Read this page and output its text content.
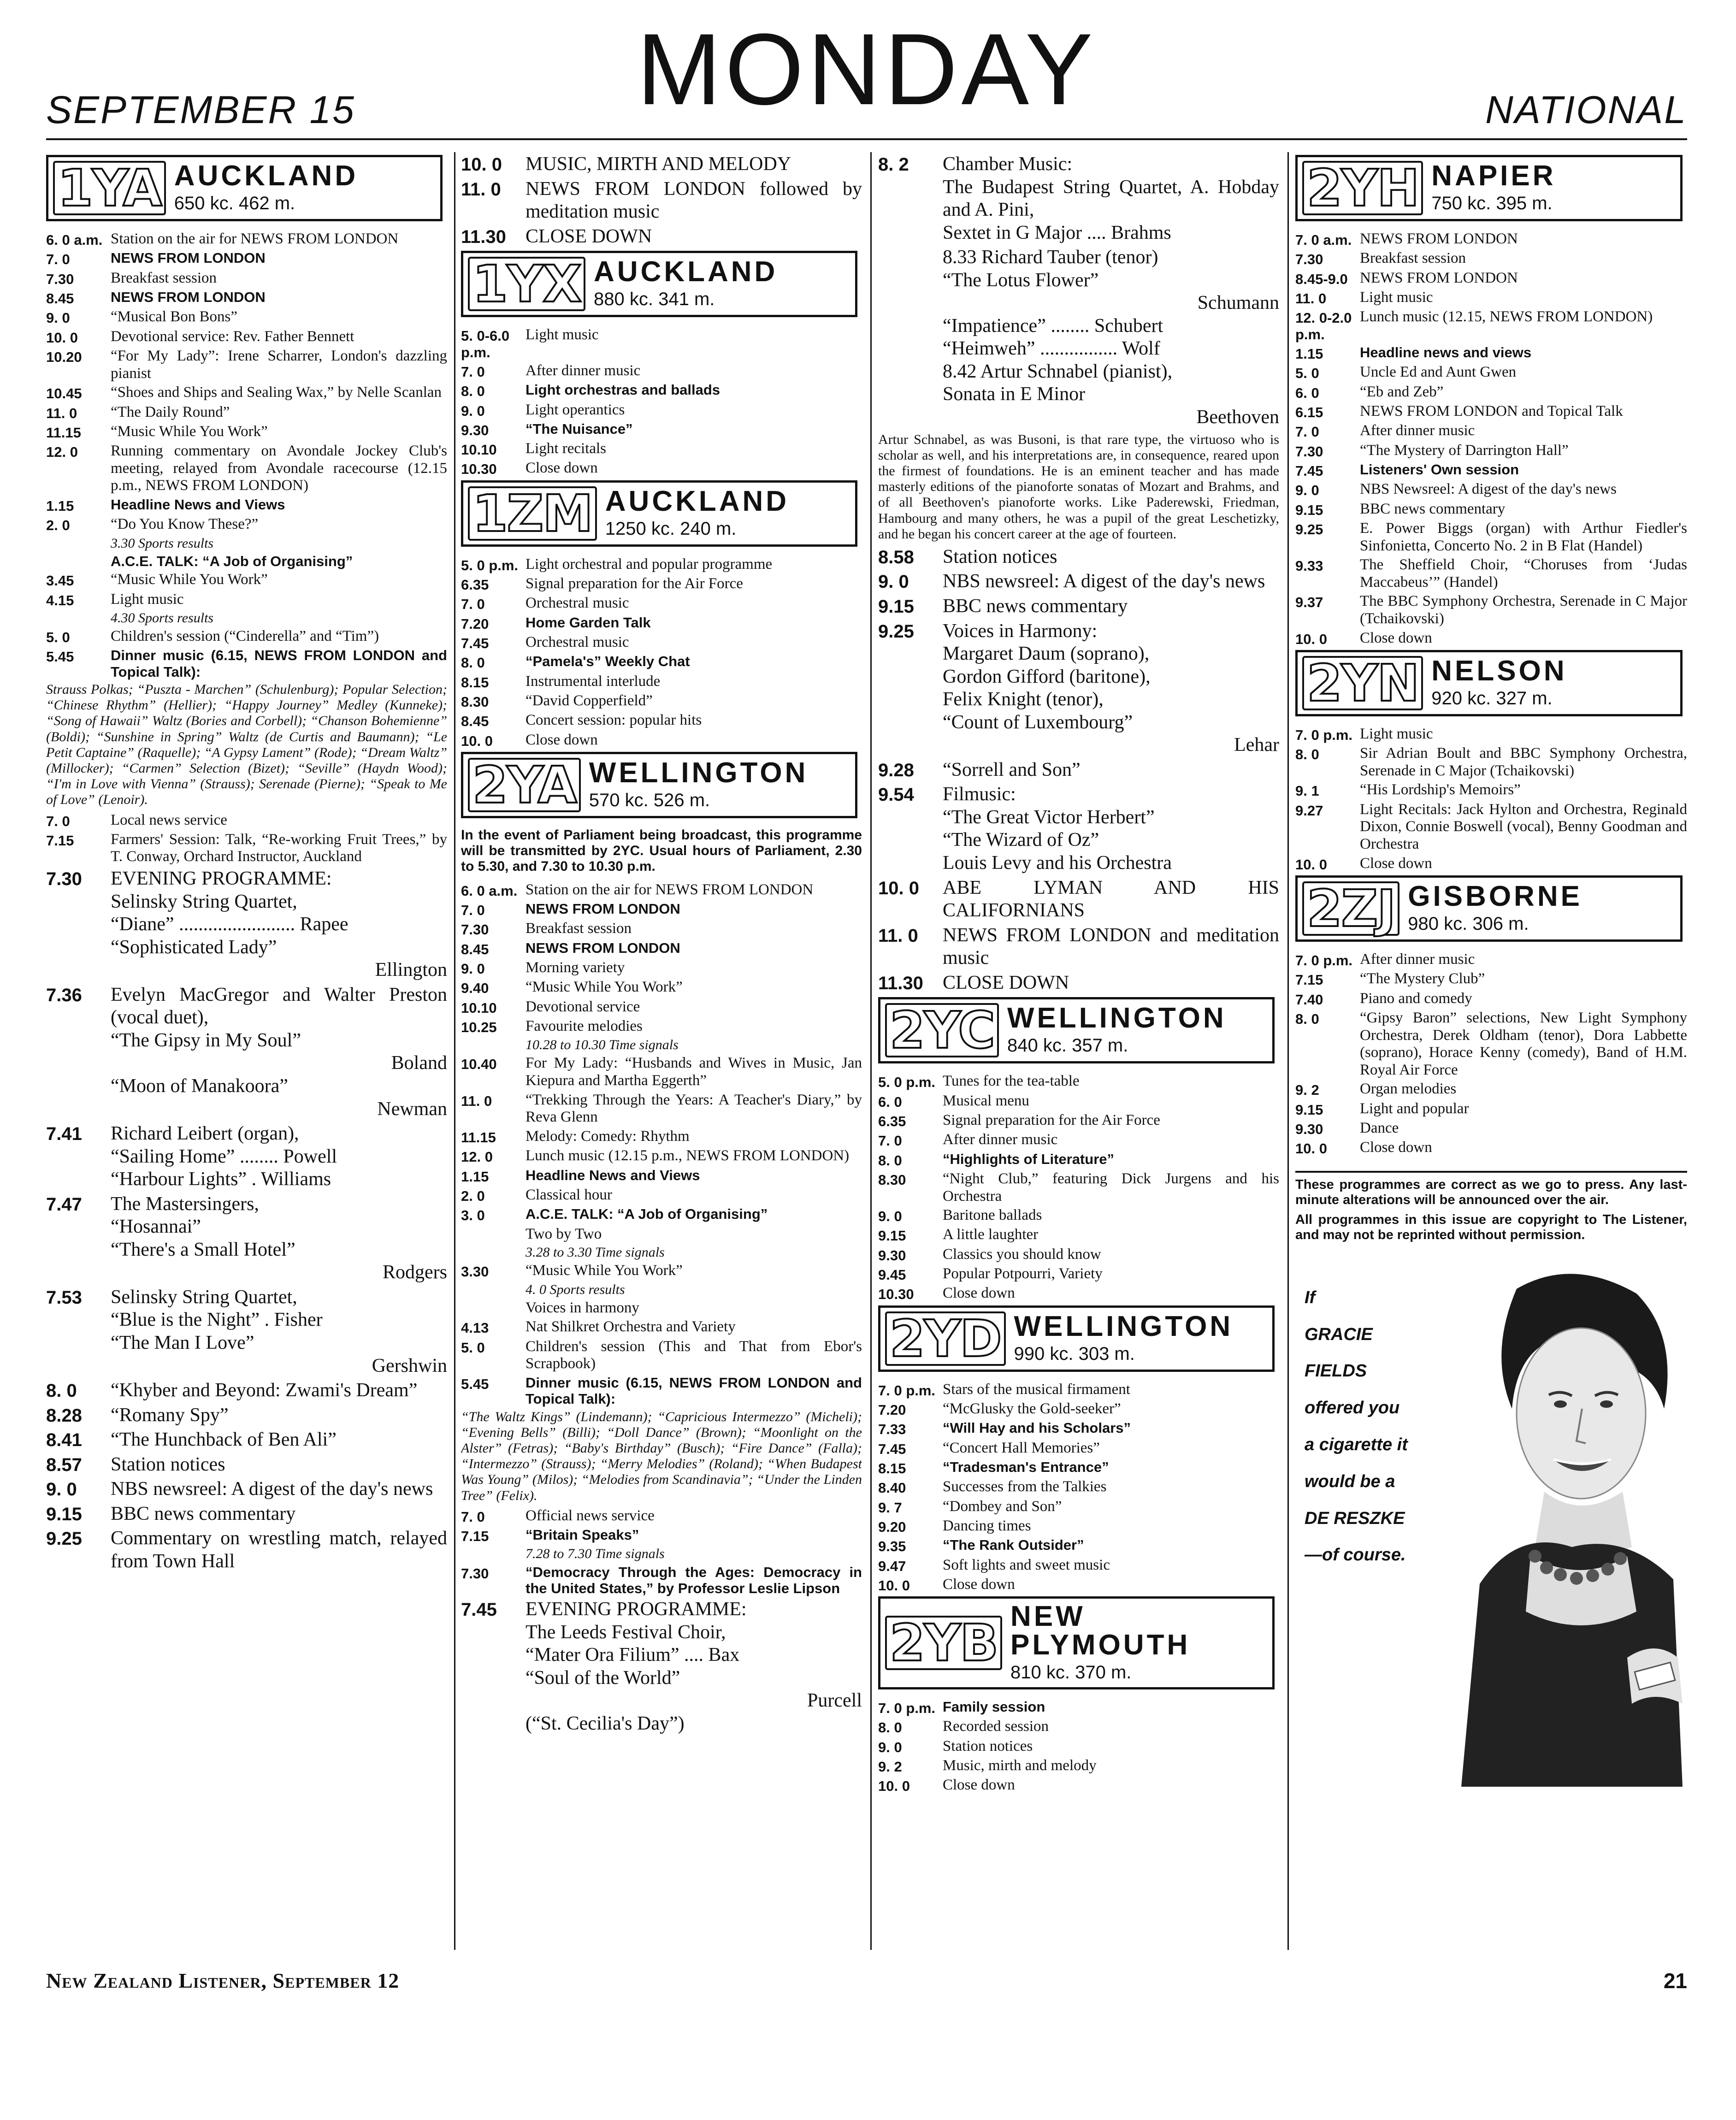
SEPTEMBER 15	MONDAY	NATIONAL
1YA AUCKLAND
650 kc. 462 m.
6. 0 a.m. Station on the air for NEWS FROM LONDON
7. 0	NEWS FROM LONDON
7.30	Breakfast session
8.45	NEWS FROM LONDON
9. 0	“Musical Bon Bons”
10. 0	Devotional service: Rev. Father Bennett
10.20	“For My Lady”: Irene Scharrer, London's dazzling pianist
10.45	“Shoes and Ships and Sealing Wax,” by Nelle Scanlan
11. 0	“The Daily Round”
11.15	“Music While You Work”
12. 0	Running commentary on Avondale Jockey Club's meeting, relayed from Avondale racecourse (12.15 p.m., NEWS FROM LONDON)
1.15	Headline News and Views
2. 0	“Do You Know These?”
3.30 Sports results
A.C.E. TALK: “A Job of Organising”
3.45	“Music While You Work”
4.15	Light music
4.30 Sports results
5. 0	Children's session (“Cinderella” and “Tim”)
5.45	Dinner music (6.15, NEWS FROM LONDON and Topical Talk):
Strauss Polkas; “Puszta - Marchen” (Schulenburg); Popular Selection; “Chinese Rhythm” (Hellier); “Happy Journey” Medley (Kunneke); “Song of Hawaii” Waltz (Bories and Corbell); “Chanson Bohemienne” (Boldi); “Sunshine in Spring” Waltz (de Curtis and Baumann); “Le Petit Captaine” (Raquelle); “A Gypsy Lament” (Rode); “Dream Waltz” (Millocker); “Carmen” Selection (Bizet); “Seville” (Haydn Wood); “I'm in Love with Vienna” (Strauss); Serenade (Pierne); “Speak to Me of Love” (Lenoir).
7. 0	Local news service
7.15	Farmers' Session: Talk, “Re-working Fruit Trees,” by T. Conway, Orchard Instructor, Auckland
7.30	EVENING PROGRAMME:
Selinsky String Quartet,
“Diane” ........................ Rapee
“Sophisticated Lady”
Ellington
7.36	Evelyn MacGregor and Walter Preston (vocal duet),
“The Gipsy in My Soul”
Boland
“Moon of Manakoora”
Newman
7.41	Richard Leibert (organ),
“Sailing Home” ........ Powell
“Harbour Lights” . Williams
7.47	The Mastersingers,
“Hosannai”
“There's a Small Hotel”
Rodgers
7.53	Selinsky String Quartet,
“Blue is the Night” . Fisher
“The Man I Love”
Gershwin
8. 0	“Khyber and Beyond: Zwami's Dream”
8.28	“Romany Spy”
8.41	“The Hunchback of Ben Ali”
8.57	Station notices
9. 0	NBS newsreel: A digest of the day's news
9.15	BBC news commentary
9.25	Commentary on wrestling match, relayed from Town Hall
10. 0	MUSIC, MIRTH AND MELODY
11. 0	NEWS FROM LONDON followed by meditation music
11.30	CLOSE DOWN
1YX AUCKLAND
880 kc. 341 m.
5. 0-6.0 p.m.
Light music
7. 0	After dinner music
8. 0	Light orchestras and ballads
9. 0	Light operantics
9.30	“The Nuisance”
10.10	Light recitals
10.30	Close down
1ZM AUCKLAND
1250 kc. 240 m.
5. 0 p.m. Light orchestral and popular programme
6.35	Signal preparation for the Air Force
7. 0	Orchestral music
7.20	Home Garden Talk
7.45	Orchestral music
8. 0	“Pamela's” Weekly Chat
8.15	Instrumental interlude
8.30	“David Copperfield”
8.45	Concert session: popular hits
10. 0	Close down
2YA WELLINGTON
570 kc. 526 m.
In the event of Parliament being broadcast, this programme will be transmitted by 2YC. Usual hours of Parliament, 2.30 to 5.30, and 7.30 to 10.30 p.m.
6. 0 a.m. Station on the air for NEWS FROM LONDON
7. 0	NEWS FROM LONDON
7.30	Breakfast session
8.45	NEWS FROM LONDON
9. 0	Morning variety
9.40	“Music While You Work”
10.10	Devotional service
10.25	Favourite melodies
10.28 to 10.30 Time signals
10.40	For My Lady: “Husbands and Wives in Music, Jan Kiepura and Martha Eggerth”
11. 0	“Trekking Through the Years: A Teacher's Diary,” by Reva Glenn
11.15	Melody: Comedy: Rhythm
12. 0	Lunch music (12.15 p.m., NEWS FROM LONDON)
1.15	Headline News and Views
2. 0	Classical hour
3. 0	A.C.E. TALK: “A Job of Organising”
Two by Two
3.28 to 3.30 Time signals
3.30	“Music While You Work”
4. 0 Sports results
Voices in harmony
4.13	Nat Shilkret Orchestra and Variety
5. 0	Children's session (This and That from Ebor's Scrapbook)
5.45	Dinner music (6.15, NEWS FROM LONDON and Topical Talk):
“The Waltz Kings” (Lindemann); “Capricious Intermezzo” (Micheli); “Evening Bells” (Billi); “Doll Dance” (Brown); “Moonlight on the Alster” (Fetras); “Baby's Birthday” (Busch); “Fire Dance” (Falla); “Intermezzo” (Strauss); “Merry Melodies” (Roland); “When Budapest Was Young” (Milos); “Melodies from Scandinavia”; “Under the Linden Tree” (Felix).
7. 0	Official news service
7.15	“Britain Speaks”
7.28 to 7.30 Time signals
7.30	“Democracy Through the Ages: Democracy in the United States,” by Professor Leslie Lipson
7.45	EVENING PROGRAMME:
The Leeds Festival Choir,
“Mater Ora Filium” .... Bax
“Soul of the World”
Purcell
(“St. Cecilia's Day”)
8. 2	Chamber Music:
The Budapest String Quartet, A. Hobday and A. Pini,
Sextet in G Major .... Brahms
8.33 Richard Tauber (tenor)
“The Lotus Flower”
Schumann
“Impatience” ........ Schubert
“Heimweh” ................ Wolf
8.42 Artur Schnabel (pianist),
Sonata in E Minor
Beethoven
Artur Schnabel, as was Busoni, is that rare type, the virtuoso who is scholar as well, and his interpretations are, in consequence, reared upon the firmest of foundations. He is an eminent teacher and has made masterly editions of the pianoforte sonatas of Mozart and Brahms, and of all Beethoven's pianoforte works. Like Paderewski, Friedman, Hambourg and many others, he was a pupil of the great Leschetizky, and he began his concert career at the age of fourteen.
8.58	Station notices
9. 0	NBS newsreel: A digest of the day's news
9.15	BBC news commentary
9.25	Voices in Harmony:
Margaret Daum (soprano),
Gordon Gifford (baritone),
Felix Knight (tenor),
“Count of Luxembourg”
Lehar
9.28	“Sorrell and Son”
9.54	Filmusic:
“The Great Victor Herbert”
“The Wizard of Oz”
Louis Levy and his Orchestra
10. 0	ABE LYMAN AND HIS CALIFORNIANS
11. 0	NEWS FROM LONDON and meditation music
11.30	CLOSE DOWN
2YC WELLINGTON
840 kc. 357 m.
5. 0 p.m. Tunes for the tea-table
6. 0	Musical menu
6.35	Signal preparation for the Air Force
7. 0	After dinner music
8. 0	“Highlights of Literature”
8.30	“Night Club,” featuring Dick Jurgens and his Orchestra
9. 0	Baritone ballads
9.15	A little laughter
9.30	Classics you should know
9.45	Popular Potpourri, Variety
10.30	Close down
2YD WELLINGTON
990 kc. 303 m.
7. 0 p.m. Stars of the musical firmament
7.20	“McGlusky the Gold-seeker”
7.33	“Will Hay and his Scholars”
7.45	“Concert Hall Memories”
8.15	“Tradesman's Entrance”
8.40	Successes from the Talkies
9. 7	“Dombey and Son”
9.20	Dancing times
9.35	“The Rank Outsider”
9.47	Soft lights and sweet music
10. 0	Close down
2YB NEW PLYMOUTH
810 kc. 370 m.
7. 0 p.m. Family session
8. 0	Recorded session
9. 0	Station notices
9. 2	Music, mirth and melody
10. 0	Close down
2YH NAPIER
750 kc. 395 m.
7. 0 a.m. NEWS FROM LONDON
7.30	Breakfast session
8.45-9.0 NEWS FROM LONDON
11. 0	Light music
12. 0-2.0 p.m.
Lunch music (12.15, NEWS FROM LONDON)
1.15	Headline news and views
5. 0	Uncle Ed and Aunt Gwen
6. 0	“Eb and Zeb”
6.15	NEWS FROM LONDON and Topical Talk
7. 0	After dinner music
7.30	“The Mystery of Darrington Hall”
7.45	Listeners' Own session
9. 0	NBS Newsreel: A digest of the day's news
9.15	BBC news commentary
9.25	E. Power Biggs (organ) with Arthur Fiedler's Sinfonietta, Concerto No. 2 in B Flat (Handel)
9.33	The Sheffield Choir, “Choruses from ‘Judas Maccabeus’” (Handel)
9.37	The BBC Symphony Orchestra, Serenade in C Major (Tchaikovski)
10. 0	Close down
2YN NELSON
920 kc. 327 m.
7. 0 p.m. Light music
8. 0	Sir Adrian Boult and BBC Symphony Orchestra, Serenade in C Major (Tchaikovski)
9. 1	“His Lordship's Memoirs”
9.27	Light Recitals: Jack Hylton and Orchestra, Reginald Dixon, Connie Boswell (vocal), Benny Goodman and Orchestra
10. 0	Close down
2ZJ GISBORNE
980 kc. 306 m.
7. 0 p.m. After dinner music
7.15	“The Mystery Club”
7.40	Piano and comedy
8. 0	“Gipsy Baron” selections, New Light Symphony Orchestra, Derek Oldham (tenor), Dora Labbette (soprano), Horace Kenny (comedy), Band of H.M. Royal Air Force
9. 2	Organ melodies
9.15	Light and popular
9.30	Dance
10. 0	Close down

These programmes are correct as we go to press. Any last-minute alterations will be announced over the air.

All programmes in this issue are copyright to The Listener, and may not be reprinted without permission.

If
GRACIE
FIELDS
offered you
a cigarette it
would be a
DE RESZKE
—of course.
New Zealand Listener, September 12	21
